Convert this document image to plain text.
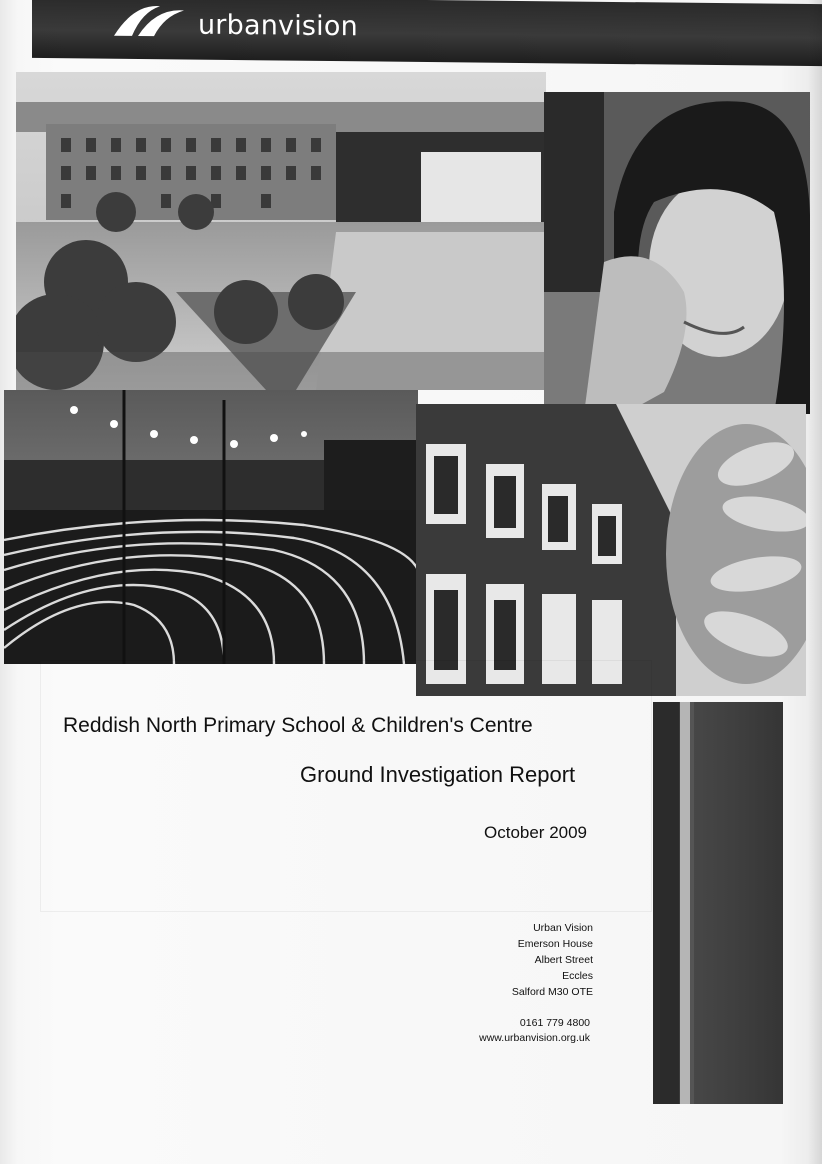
urbanvision
Reddish North Primary School & Children's Centre
Ground Investigation Report
October 2009
Urban Vision
Emerson House
Albert Street
Eccles
Salford M30 OTE
0161 779 4800
www.urbanvision.org.uk
